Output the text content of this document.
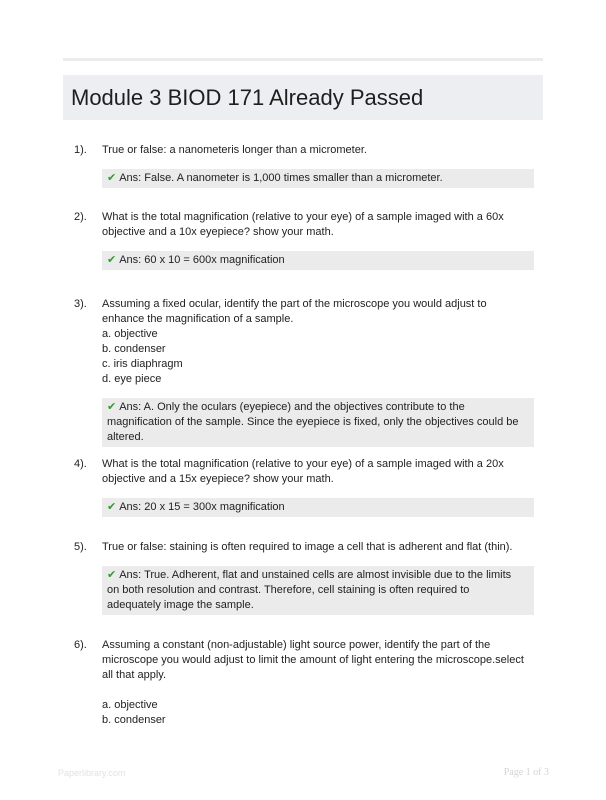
Module 3 BIOD 171 Already Passed
1). True or false: a nanometeris longer than a micrometer.
✔ Ans: False. A nanometer is 1,000 times smaller than a micrometer.
2). What is the total magnification (relative to your eye) of a sample imaged with a 60x objective and a 10x eyepiece? show your math.
✔ Ans: 60 x 10 = 600x magnification
3). Assuming a fixed ocular, identify the part of the microscope you would adjust to enhance the magnification of a sample.
a. objective
b. condenser
c. iris diaphragm
d. eye piece
✔ Ans: A. Only the oculars (eyepiece) and the objectives contribute to the magnification of the sample. Since the eyepiece is fixed, only the objectives could be altered.
4). What is the total magnification (relative to your eye) of a sample imaged with a 20x objective and a 15x eyepiece? show your math.
✔ Ans: 20 x 15 = 300x magnification
5). True or false: staining is often required to image a cell that is adherent and flat (thin).
✔ Ans: True. Adherent, flat and unstained cells are almost invisible due to the limits on both resolution and contrast. Therefore, cell staining is often required to adequately image the sample.
6). Assuming a constant (non-adjustable) light source power, identify the part of the microscope you would adjust to limit the amount of light entering the microscope.select all that apply.
a. objective
b. condenser
Paperlibrary.com	Page 1 of 3
